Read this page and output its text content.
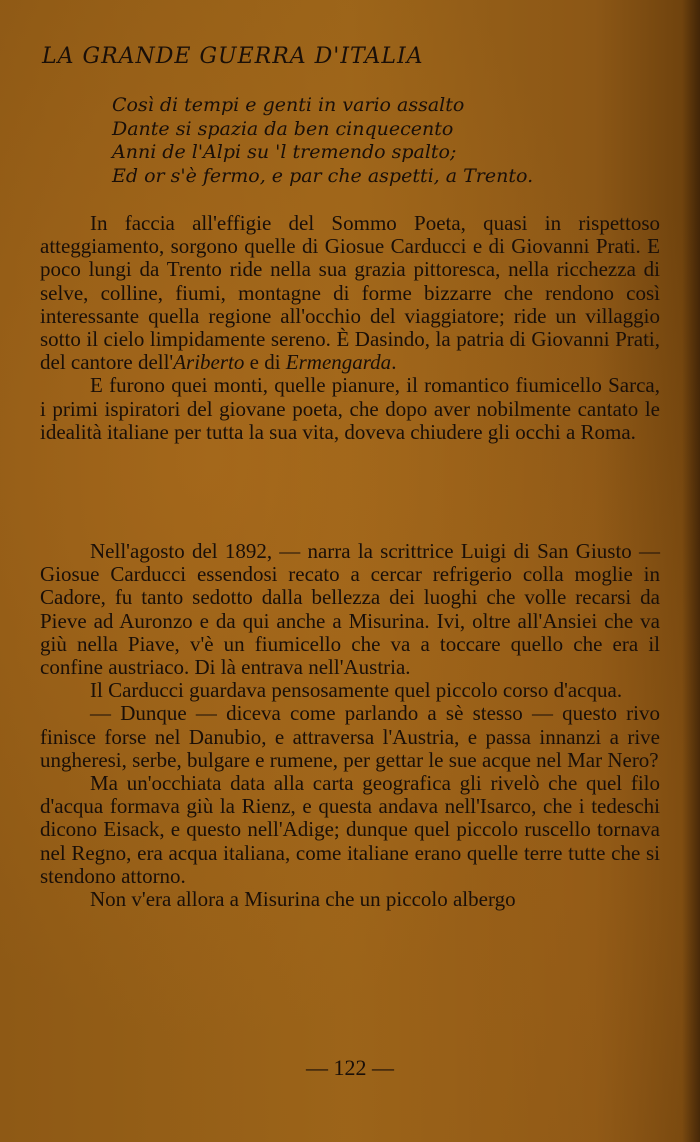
LA GRANDE GUERRA D'ITALIA
Così di tempi e genti in vario assalto
Dante si spazia da ben cinquecento
Anni de l'Alpi su 'l tremendo spalto;
Ed or s'è fermo, e par che aspetti, a Trento.

In faccia all'effigie del Sommo Poeta, quasi in rispettoso atteggiamento, sorgono quelle di Giosue Carducci e di Giovanni Prati. E poco lungi da Trento ride nella sua grazia pittoresca, nella ricchezza di selve, colline, fiumi, montagne di forme bizzarre che rendono così interessante quella regione all'occhio del viaggiatore; ride un villaggio sotto il cielo limpidamente sereno. È Dasindo, la patria di Giovanni Prati, del cantore dell'Ariberto e di Ermengarda.

E furono quei monti, quelle pianure, il romantico fiumicello Sarca, i primi ispiratori del giovane poeta, che dopo aver nobilmente cantato le idealità italiane per tutta la sua vita, doveva chiudere gli occhi a Roma.

Nell'agosto del 1892, — narra la scrittrice Luigi di San Giusto — Giosue Carducci essendosi recato a cercar refrigerio colla moglie in Cadore, fu tanto sedotto dalla bellezza dei luoghi che volle recarsi da Pieve ad Auronzo e da qui anche a Misurina. Ivi, oltre all'Ansiei che va giù nella Piave, v'è un fiumicello che va a toccare quello che era il confine austriaco. Di là entrava nell'Austria.

Il Carducci guardava pensosamente quel piccolo corso d'acqua.

— Dunque — diceva come parlando a sè stesso — questo rivo finisce forse nel Danubio, e attraversa l'Austria, e passa innanzi a rive ungheresi, serbe, bulgare e rumene, per gettar le sue acque nel Mar Nero?

Ma un'occhiata data alla carta geografica gli rivelò che quel filo d'acqua formava giù la Rienz, e questa andava nell'Isarco, che i tedeschi dicono Eisack, e questo nell'Adige; dunque quel piccolo ruscello tornava nel Regno, era acqua italiana, come italiane erano quelle terre tutte che si stendono attorno.

Non v'era allora a Misurina che un piccolo albergo

— 122 —
